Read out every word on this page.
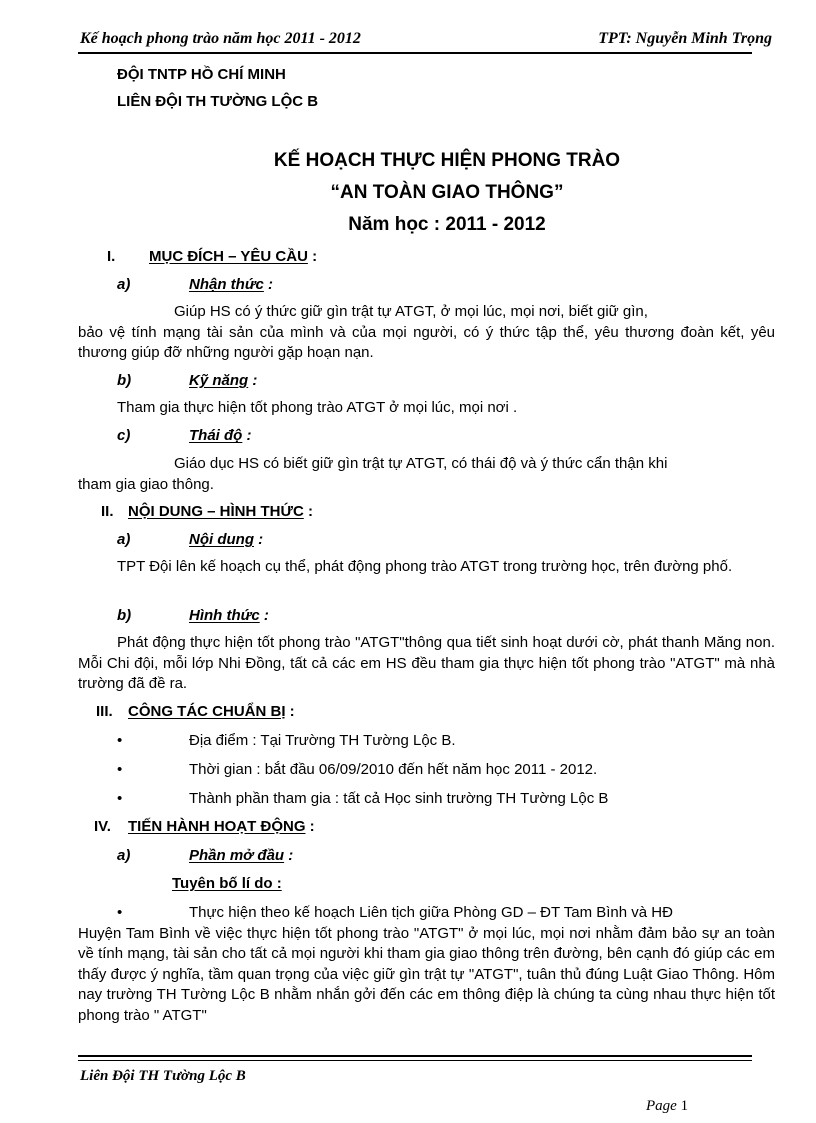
Kế hoạch phong trào năm học 2011 - 2012	TPT: Nguyễn Minh Trọng
ĐỘI TNTP HỒ CHÍ MINH
LIÊN ĐỘI TH TƯỜNG LỘC B
KẾ HOẠCH THỰC HIỆN PHONG TRÀO
“AN TOÀN GIAO THÔNG”
Năm học : 2011 - 2012
I. MỤC ĐÍCH – YÊU CẦU :
a)	Nhận thức :
Giúp HS có ý thức giữ gìn trật tự ATGT, ở mọi lúc, mọi nơi, biết giữ gìn,
bảo vệ tính mạng tài sản của mình và của mọi người, có ý thức tập thể, yêu thương đoàn kết, yêu thương giúp đỡ những người gặp hoạn nạn.
b)	Kỹ năng :
Tham gia thực hiện tốt phong trào ATGT ở mọi lúc, mọi nơi .
c)	Thái độ :
Giáo dục HS có biết giữ gìn trật tự ATGT, có thái độ và ý thức cẩn thận khi
tham gia giao thông.
II. NỘI DUNG – HÌNH THỨC :
a)	Nội dung :
TPT Đội lên kế hoạch cụ thể, phát động phong trào ATGT trong trường học, trên đường phố.
b)	Hình thức :
Phát động thực hiện tốt phong trào "ATGT"thông qua tiết sinh hoạt dưới cờ, phát thanh Măng non. Mỗi Chi đội, mỗi lớp Nhi Đồng, tất cả các em HS đều tham gia thực hiện tốt phong trào "ATGT" mà nhà trường đã đề ra.
III. CÔNG TÁC CHUẨN BỊ :
•	Địa điểm : Tại Trường TH Tường Lộc B.
•	Thời gian : bắt đầu 06/09/2010 đến hết năm học 2011 - 2012.
•	Thành phần tham gia : tất cả Học sinh trường TH Tường Lộc B
IV. TIẾN HÀNH HOẠT ĐỘNG :
a)	Phần mở đầu :
Tuyên bố lí do :
•	Thực hiện theo kế hoạch Liên tịch giữa Phòng GD – ĐT Tam Bình và HĐ
Huyện Tam Bình về việc thực hiện tốt phong trào "ATGT" ở mọi lúc, mọi nơi nhằm đảm bảo sự an toàn về tính mạng, tài sản cho tất cả mọi người khi tham gia giao thông trên đường, bên cạnh đó giúp các em thấy được ý nghĩa, tầm quan trọng của việc giữ gìn trật tự "ATGT", tuân thủ đúng Luật Giao Thông. Hôm nay trường TH Tường Lộc B nhằm nhắn gởi đến các em thông điệp là chúng ta cùng nhau thực hiện tốt phong trào " ATGT"
Liên Đội TH Tường Lộc B
Page 1
